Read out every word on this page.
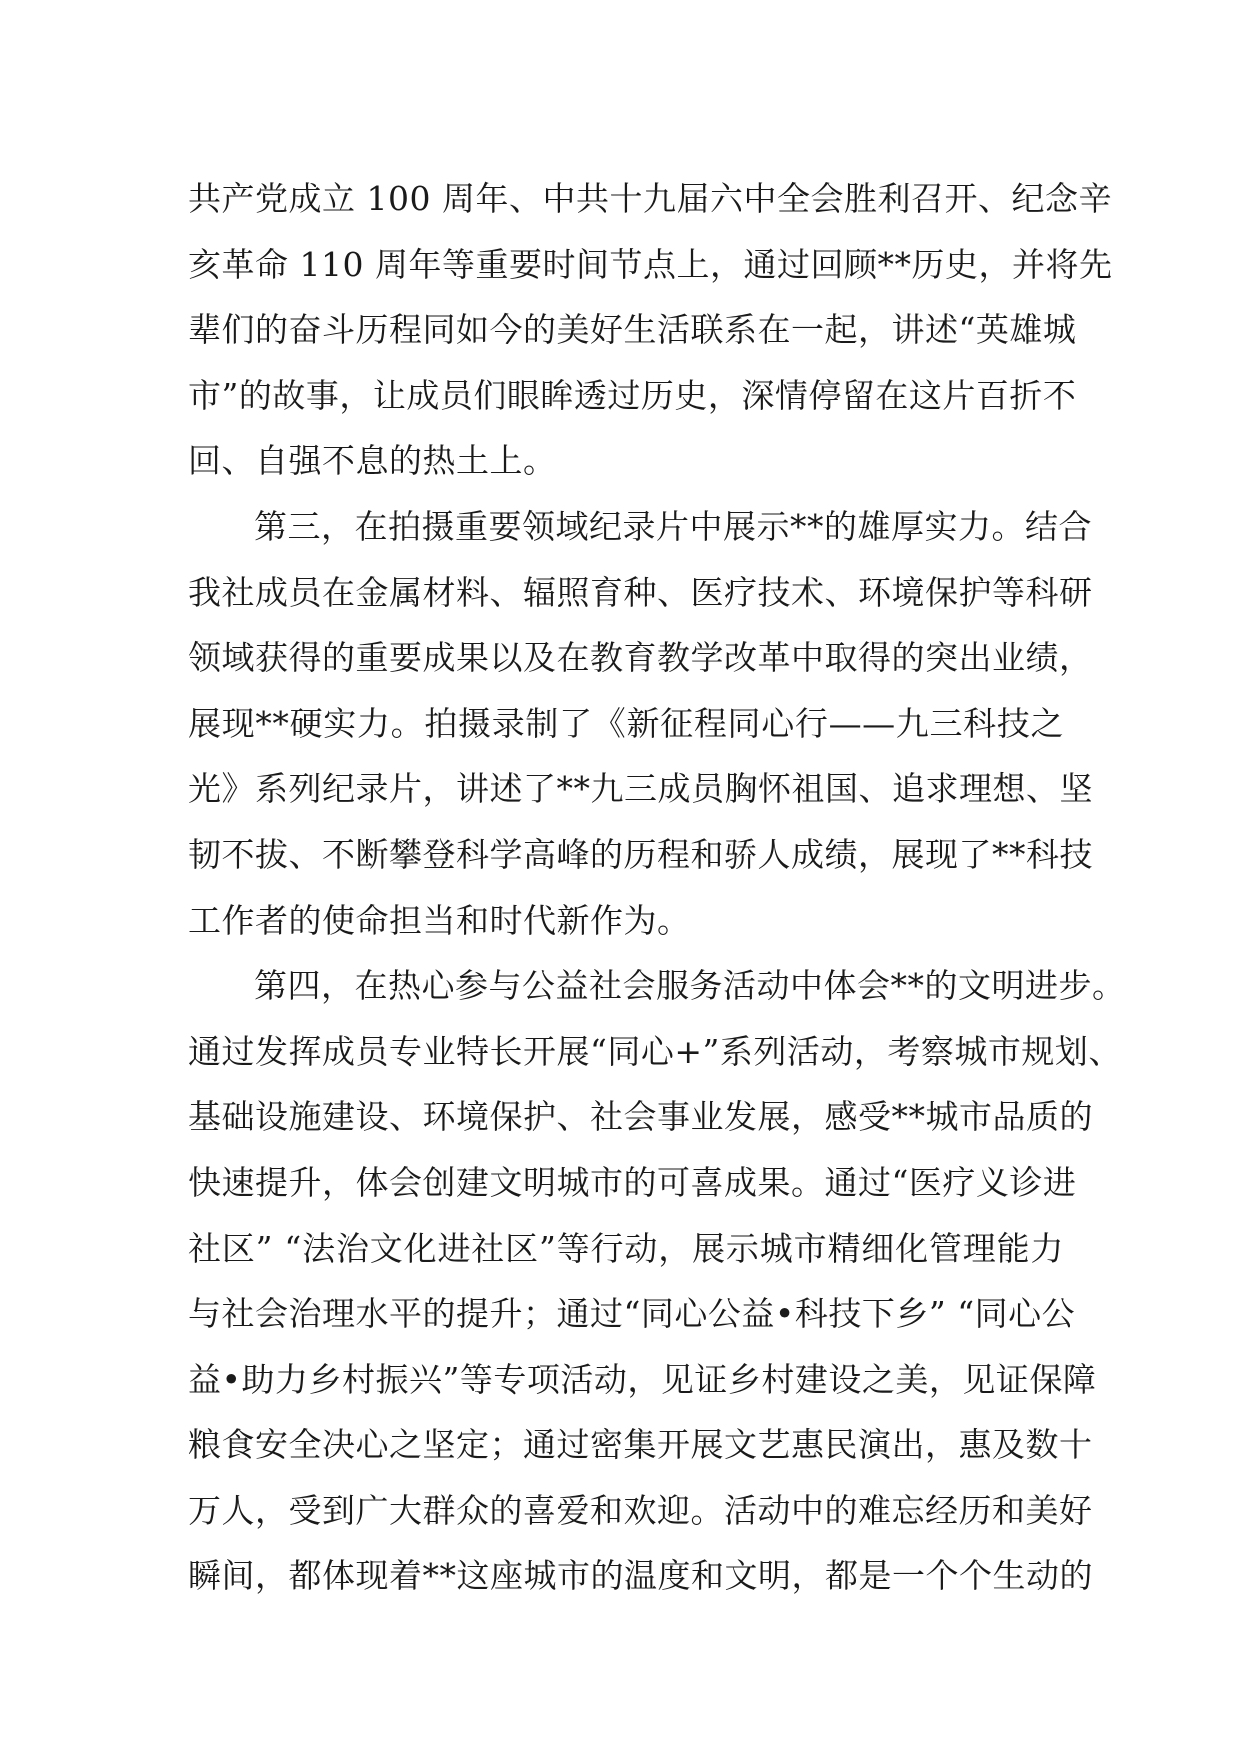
共产党成立 100 周年、中共十九届六中全会胜利召开、纪念辛
亥革命 110 周年等重要时间节点上，通过回顾**历史，并将先
辈们的奋斗历程同如今的美好生活联系在一起，讲述“英雄城
市”的故事，让成员们眼眸透过历史，深情停留在这片百折不
回、自强不息的热土上。
第三，在拍摄重要领域纪录片中展示**的雄厚实力。结合
我社成员在金属材料、辐照育种、医疗技术、环境保护等科研
领域获得的重要成果以及在教育教学改革中取得的突出业绩，
展现**硬实力。拍摄录制了《新征程同心行——九三科技之
光》系列纪录片，讲述了**九三成员胸怀祖国、追求理想、坚
韧不拔、不断攀登科学高峰的历程和骄人成绩，展现了**科技
工作者的使命担当和时代新作为。
第四，在热心参与公益社会服务活动中体会**的文明进步。
通过发挥成员专业特长开展“同心+”系列活动，考察城市规划、
基础设施建设、环境保护、社会事业发展，感受**城市品质的
快速提升，体会创建文明城市的可喜成果。通过“医疗义诊进
社区” “法治文化进社区”等行动，展示城市精细化管理能力
与社会治理水平的提升；通过“同心公益•科技下乡” “同心公
益•助力乡村振兴”等专项活动，见证乡村建设之美，见证保障
粮食安全决心之坚定；通过密集开展文艺惠民演出，惠及数十
万人，受到广大群众的喜爱和欢迎。活动中的难忘经历和美好
瞬间，都体现着**这座城市的温度和文明，都是一个个生动的
